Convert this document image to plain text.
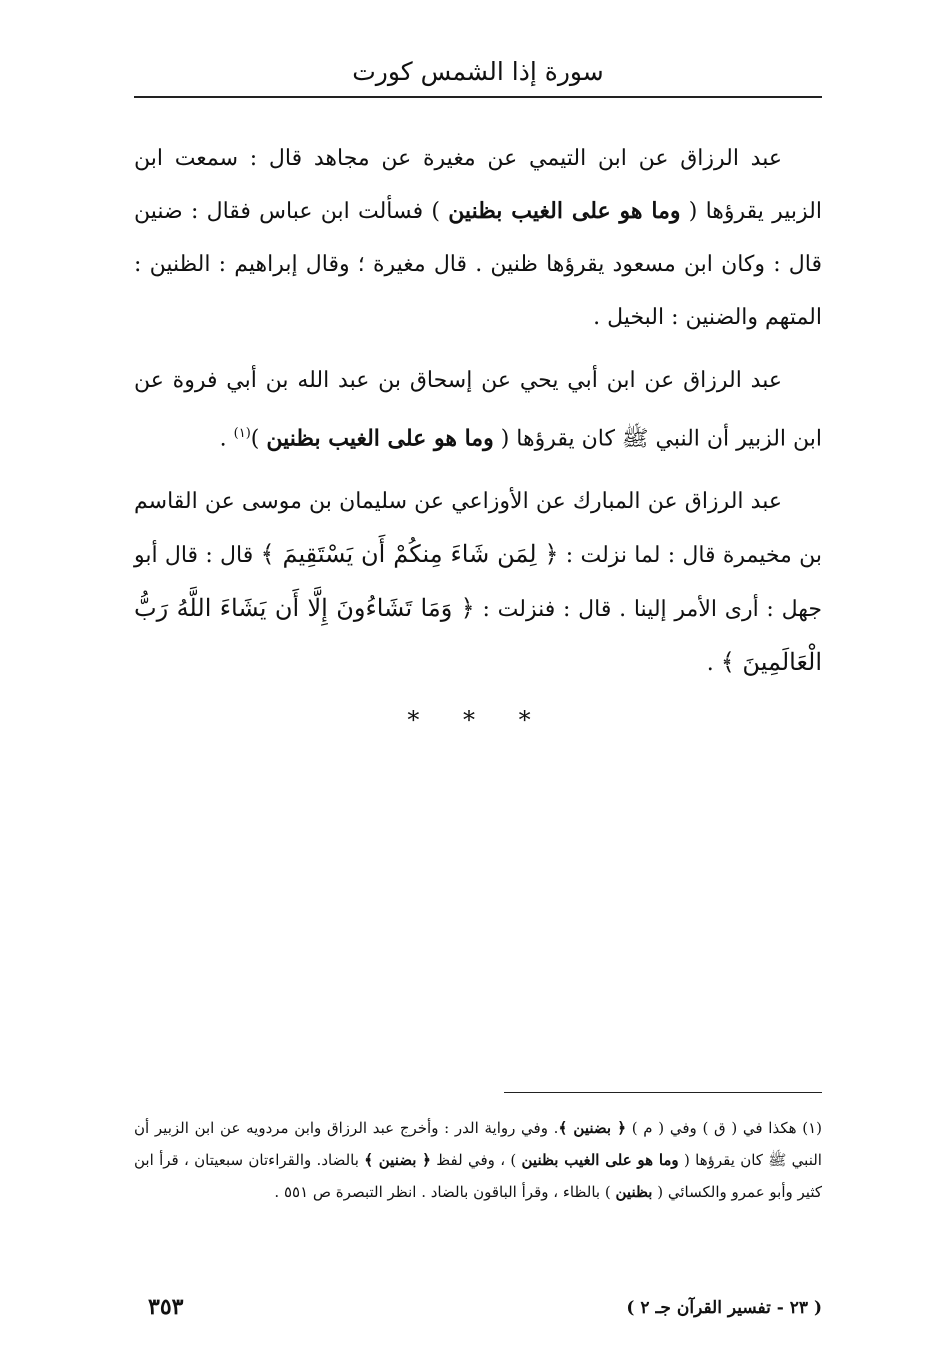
سورة إذا الشمس كورت

عبد الرزاق عن ابن التيمي عن مغيرة عن مجاهد قال : سمعت ابن الزبير يقرؤها ( وما هو على الغيب بظنين ) فسألت ابن عباس فقال : ضنين قال : وكان ابن مسعود يقرؤها ظنين . قال مغيرة ؛ وقال إبراهيم : الظنين : المتهم والضنين : البخيل .

عبد الرزاق عن ابن أبي يحي عن إسحاق بن عبد الله بن أبي فروة عن ابن الزبير أن النبي ﷺ كان يقرؤها ( وما هو على الغيب بظنين )$^{(١)}$ .

عبد الرزاق عن المبارك عن الأوزاعي عن سليمان بن موسى عن القاسم بن مخيمرة قال : لما نزلت : ﴿ لِمَن شَاءَ مِنكُمْ أَن يَسْتَقِيمَ ﴾ قال : قال أبو جهل : أرى الأمر إلينا . قال : فنزلت : ﴿ وَمَا تَشَاءُونَ إِلَّا أَن يَشَاءَ اللَّهُ رَبُّ الْعَالَمِينَ ﴾ .

* * *
(١) هكذا في ( ق ) وفي ( م ) ﴿ بضنين ﴾. وفي رواية الدر : وأخرج عبد الرزاق وابن مردويه عن ابن الزبير أن النبي ﷺ كان يقرؤها ( وما هو على الغيب بظنين ) ، وفي لفظ ﴿ بضنين ﴾ بالضاد. والقراءتان سبعيتان ، قرأ ابن كثير وأبو عمرو والكسائي ( بظنين ) بالظاء ، وقرأ الباقون بالضاد . انظر التبصرة ص ٥٥١ .
٣٥٣	( ٢٣ - تفسير القرآن جـ ٢ )
